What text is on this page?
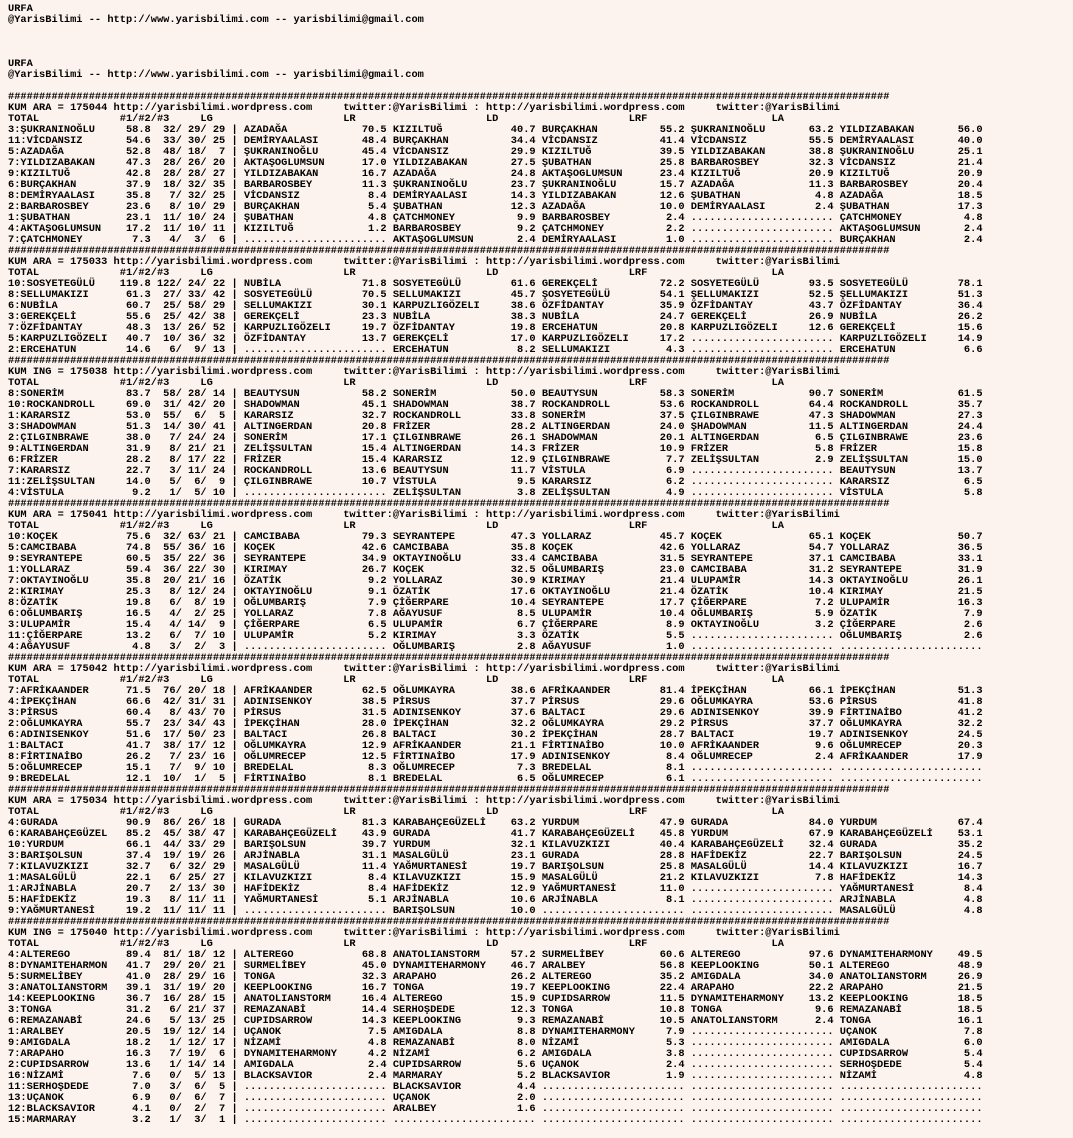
URFA
@YarisBilimi -- http://www.yarisbilimi.com -- yarisbilimi@gmail.com
URFA
@YarisBilimi -- http://www.yarisbilimi.com -- yarisbilimi@gmail.com
##############################################################################################################################################
KUM ARA = 175044 http://yarisbilimi.wordpress.com     twitter:@YarisBilimi : http://yarisbilimi.wordpress.com     twitter:@YarisBilimi
TOTAL             #1/#2/#3     LG                     LR                     LD                     LRF                    LA
3:ŞUKRANINOĞLU     58.8  32/ 29/ 29 | AZADAĞA            70.5 KIZILTUĞ           40.7 BURÇAKHAN          55.2 ŞUKRANINOĞLU       63.2 YILDIZABAKAN       56.0
11:VİCDANSIZ       54.6  33/ 30/ 25 | DEMİRYAALASI       48.4 BURÇAKHAN          34.4 VİCDANSIZ          41.4 VİCDANSIZ          55.5 DEMİRYAALASI       40.0
5:AZADAĞA          52.8  48/ 18/  7 | ŞUKRANINOĞLU       45.4 VİCDANSIZ          29.9 KIZILTUĞ           39.5 YILDIZABAKAN       38.8 ŞUKRANINOĞLU       25.1
7:YILDIZABAKAN     47.3  28/ 26/ 20 | AKTAŞOGLUMSUN      17.0 YILDIZABAKAN       27.5 ŞUBATHAN           25.8 BARBAROSBEY        32.3 VİCDANSIZ          21.4
9:KIZILTUĞ         42.8  28/ 28/ 27 | YILDIZABAKAN       16.7 AZADAĞA            24.8 AKTAŞOGLUMSUN      23.4 KIZILTUĞ           20.9 KIZILTUĞ           20.9
6:BURÇAKHAN        37.9  18/ 32/ 35 | BARBAROSBEY        11.3 ŞUKRANINOĞLU       23.7 ŞUKRANINOĞLU       15.7 AZADAĞA            11.3 BARBAROSBEY        20.4
8:DEMİRYAALASI     35.8   7/ 32/ 25 | VİCDANSIZ           8.4 DEMİRYAALASI       14.3 YILDIZABAKAN       12.6 ŞUBATHAN            4.8 AZADAĞA            18.5
2:BARBAROSBEY      23.6   8/ 10/ 29 | BURÇAKHAN           5.4 ŞUBATHAN           12.3 AZADAĞA            10.0 DEMİRYAALASI        2.4 ŞUBATHAN           17.3
1:ŞUBATHAN         23.1  11/ 10/ 24 | ŞUBATHAN            4.8 ÇATCHMONEY          9.9 BARBAROSBEY         2.4 ....................... ÇATCHMONEY          4.8
4:AKTAŞOGLUMSUN    17.2  11/ 10/ 11 | KIZILTUĞ            1.2 BARBAROSBEY         9.2 ÇATCHMONEY          2.2 ....................... AKTAŞOGLUMSUN       2.4
7:ÇATCHMONEY        7.3   4/  3/  6 | ....................... AKTAŞOGLUMSUN       2.4 DEMİRYAALASI        1.0 ....................... BURÇAKHAN           2.4
##############################################################################################################################################
KUM ARA = 175033 http://yarisbilimi.wordpress.com     twitter:@YarisBilimi : http://yarisbilimi.wordpress.com     twitter:@YarisBilimi
TOTAL             #1/#2/#3     LG                     LR                     LD                     LRF                    LA
10:SOSYETEGÜLÜ    119.8 122/ 24/ 22 | NUBİLA             71.8 SOSYETEGÜLÜ        61.6 GEREKÇELİ          72.2 SOSYETEGÜLÜ        93.5 SOSYETEGÜLÜ        78.1
8:SELLUMAKIZI      61.3  27/ 33/ 42 | SOSYETEGÜLÜ        70.5 SELLUMAKIZI        45.7 ŞOSYETEGÜLÜ        54.1 ŞELLUMAKIZI        52.5 ŞELLUMAKIZI        51.3
6:NUBİLA           60.7  25/ 58/ 29 | SELLUMAKIZI        30.1 KARPUZLIGÖZELI     38.6 ÖZFİDANTAY         35.9 ÖZFİDANTAY         43.7 ÖZFİDANTAY         36.4
3:GEREKÇELİ        55.6  25/ 42/ 38 | GEREKÇELİ          23.3 NUBİLA             38.3 NUBİLA             24.7 GEREKÇELİ          26.9 NUBİLA             26.2
7:ÖZFİDANTAY       48.3  13/ 26/ 52 | KARPUZLIGÖZELI     19.7 ÖZFİDANTAY         19.8 ERCEHATUN          20.8 KARPUZLIGÖZELI     12.6 GEREKÇELİ          15.6
5:KARPUZLIGÖZELI   40.7  10/ 36/ 32 | ÖZFİDANTAY         13.7 GEREKÇELİ          17.0 KARPUZLIGÖZELI     17.2 ....................... KARPUZLIGÖZELI     14.9
2:ERCEHATUN        14.6   6/  9/ 13 | ....................... ERCEHATUN           8.2 SELLUMAKIZI         4.3 ....................... ERCEHATUN           6.6
##############################################################################################################################################
KUM ING = 175038 http://yarisbilimi.wordpress.com     twitter:@YarisBilimi : http://yarisbilimi.wordpress.com     twitter:@YarisBilimi
TOTAL             #1/#2/#3     LG                     LR                     LD                     LRF                    LA
8:SONERİM          83.7  58/ 28/ 14 | BEAUTYSUN          58.2 SONERİM            50.0 BEAUTYSUN          58.3 SONERİM            90.7 SONERİM            61.5
10:ROCKANDROLL     69.0  31/ 42/ 20 | SHADOWMAN          45.1 SHADOWMAN          38.7 ROCKANDROLL        53.6 ROCKANDROLL        64.4 ROCKANDROLL        35.7
1:KARARSIZ         53.0  55/  6/  5 | KARARSIZ           32.7 ROCKANDROLL        33.8 SONERİM            37.5 ÇILGINBRAWE        47.3 SHADOWMAN          27.3
3:SHADOWMAN        51.3  14/ 30/ 41 | ALTINGERDAN        20.8 FRİZER             28.2 ALTINGERDAN        24.0 ŞHADOWMAN          11.5 ALTINGERDAN        24.4
2:ÇILGINBRAWE      38.0   7/ 24/ 24 | SONERİM            17.1 ÇILGINBRAWE        26.1 SHADOWMAN          20.1 ALTINGERDAN         6.5 ÇILGINBRAWE        23.6
9:ALTINGERDAN      31.9   8/ 21/ 21 | ZELİŞSULTAN        15.4 ALTINGERDAN        14.3 FRİZER             10.9 FRİZER              5.8 FRİZER             15.8
6:FRİZER           28.2   8/ 17/ 22 | FRİZER             15.4 KARARSIZ           12.9 ÇILGINBRAWE         7.7 ZELİŞSULTAN         2.9 ZELİŞSULTAN        15.0
7:KARARSIZ         22.7   3/ 11/ 24 | ROCKANDROLL        13.6 BEAUTYSUN          11.7 VİSTULA             6.9 ....................... BEAUTYSUN          13.7
11:ZELİŞSULTAN     14.0   5/  6/  9 | ÇILGINBRAWE        10.7 VİSTULA             9.5 KARARSIZ            6.2 ....................... KARARSIZ            6.5
4:VİSTULA           9.2   1/  5/ 10 | ....................... ZELİŞSULTAN         3.8 ZELİŞSULTAN         4.9 ....................... VİSTULA             5.8
##############################################################################################################################################
KUM ARA = 175041 http://yarisbilimi.wordpress.com     twitter:@YarisBilimi : http://yarisbilimi.wordpress.com     twitter:@YarisBilimi
TOTAL             #1/#2/#3     LG                     LR                     LD                     LRF                    LA
10:KOÇEK           75.6  32/ 63/ 21 | CAMCIBABA          79.3 SEYRANTEPE         47.3 YOLLARAZ           45.7 KOÇEK              65.1 KOÇEK              50.7
5:CAMCIBABA        74.8  55/ 36/ 16 | KOÇEK              42.6 CAMCIBABA          35.8 KOÇEK              42.6 YOLLARAZ           54.7 YOLLARAZ           36.5
9:SEYRANTEPE       60.5  35/ 22/ 36 | SEYRANTEPE         34.9 OKTAYINOĞLU        33.4 CAMCIBABA          31.5 SEYRANTEPE         37.1 CAMCIBABA          33.1
1:YOLLARAZ         59.4  36/ 22/ 30 | KIRIMAY            26.7 KOÇEK              32.5 OĞLUMBARIŞ         23.0 CAMCIBABA          31.2 SEYRANTEPE         31.9
7:OKTAYINOĞLU      35.8  20/ 21/ 16 | ÖZATİK              9.2 YOLLARAZ           30.9 KIRIMAY            21.4 ULUPAMİR           14.3 OKTAYINOĞLU        26.1
2:KIRIMAY          25.3   8/ 12/ 24 | OKTAYINOĞLU         9.1 ÖZATİK             17.6 OKTAYINOĞLU        21.4 ÖZATİK             10.4 KIRIMAY            21.5
8:ÖZATİK           19.8   6/  8/ 19 | OĞLUMBARIŞ          7.9 ÇİĞERPARE          10.4 SEYRANTEPE         17.7 ÇİĞERPARE           7.2 ULUPAMİR           16.3
6:OĞLUMBARIŞ       16.5   4/  2/ 25 | YOLLARAZ            7.8 AĞAYUSUF            8.5 ULUPAMİR           10.4 OĞLUMBARIŞ          5.9 ÖZATİK              7.9
3:ULUPAMİR         15.4   4/ 14/  9 | ÇİĞERPARE           6.5 ULUPAMİR            6.7 ÇİĞERPARE           8.9 OKTAYINOĞLU         3.2 ÇİĞERPARE           2.6
11:ÇİĞERPARE       13.2   6/  7/ 10 | ULUPAMİR            5.2 KIRIMAY             3.3 ÖZATİK              5.5 ....................... OĞLUMBARIŞ          2.6
4:AĞAYUSUF          4.8   3/  2/  3 | ....................... OĞLUMBARIŞ          2.8 AĞAYUSUF            1.0 ....................... .......................
##############################################################################################################################################
KUM ARA = 175042 http://yarisbilimi.wordpress.com     twitter:@YarisBilimi : http://yarisbilimi.wordpress.com     twitter:@YarisBilimi
TOTAL             #1/#2/#3     LG                     LR                     LD                     LRF                    LA
7:AFRİKAANDER      71.5  76/ 20/ 18 | AFRİKAANDER        62.5 OĞLUMKAYRA         38.6 AFRİKAANDER        81.4 İPEKÇİHAN          66.1 İPEKÇİHAN          51.3
4:İPEKÇİHAN        66.6  42/ 31/ 31 | ADINISENKOY        38.5 PİRSUS             37.7 PİRSUS             29.6 OĞLUMKAYRA         53.6 PİRSUS             41.8
3:PİRSUS           60.4   8/ 43/ 70 | PİRSUS             31.5 ADINISENKOY        37.6 BALTACI            29.6 ADINISENKOY        39.9 FİRTINAİBO         41.2
2:OĞLUMKAYRA       55.7  23/ 34/ 43 | İPEKÇİHAN          28.0 İPEKÇİHAN          32.2 OĞLUMKAYRA         29.2 PİRSUS             37.7 OĞLUMKAYRA         32.2
6:ADINISENKOY      51.6  17/ 50/ 23 | BALTACI            26.8 BALTACI            30.2 İPEKÇİHAN          28.7 BALTACI            19.7 ADINISENKOY        24.5
1:BALTACI          41.7  38/ 17/ 12 | OĞLUMKAYRA         12.9 AFRİKAANDER        21.1 FİRTINAİBO         10.0 AFRİKAANDER         9.6 OĞLUMRECEP         20.3
8:FİRTINAİBO       26.2   7/ 23/ 16 | OĞLUMRECEP         12.5 FİRTINAİBO         17.9 ADINISENKOY         8.4 OĞLUMRECEP          2.4 AFRİKAANDER        17.9
5:OĞLUMRECEP       15.1   7/  9/ 10 | BREDELAL            8.3 OĞLUMRECEP          7.3 BREDELAL            8.1 ....................... .......................
9:BREDELAL         12.1  10/  1/  5 | FİRTINAİBO          8.1 BREDELAL            6.5 OĞLUMRECEP          6.1 ....................... .......................
##############################################################################################################################################
KUM ARA = 175034 http://yarisbilimi.wordpress.com     twitter:@YarisBilimi : http://yarisbilimi.wordpress.com     twitter:@YarisBilimi
TOTAL             #1/#2/#3     LG                     LR                     LD                     LRF                    LA
4:GURADA           90.9  86/ 26/ 18 | GURADA             81.3 KARABAHÇEGÜZELİ    63.2 YURDUM             47.9 GURADA             84.0 YURDUM             67.4
6:KARABAHÇEGÜZEL   85.2  45/ 38/ 47 | KARABAHÇEGÜZELİ    43.9 GURADA             41.7 KARABAHÇEGÜZELİ    45.8 YURDUM             67.9 KARABAHÇEGÜZELİ    53.1
10:YURDUM          66.1  44/ 33/ 29 | BARIŞOLSUN         39.7 YURDUM             32.1 KILAVUZKIZI        40.4 KARABAHÇEGÜZELİ    32.4 GURADA             35.2
3:BARIŞOLSUN       37.4  19/ 19/ 26 | ARJİNABLA          31.1 MASALGÜLÜ          23.1 GURADA             28.8 HAFİDEKİZ          22.7 BARIŞOLSUN         24.5
7:KILAVUZKIZI      32.7   6/ 32/ 29 | MASALGÜLÜ          11.4 YAĞMURTANESİ       19.7 BARIŞOLSUN         25.8 MASALGÜLÜ          14.4 KILAVUZKIZI        16.7
1:MASALGÜLÜ        22.1   6/ 25/ 27 | KILAVUZKIZI         8.4 KILAVUZKIZI        15.9 MASALGÜLÜ          21.2 KILAVUZKIZI         7.8 HAFİDEKİZ          14.3
1:ARJİNABLA        20.7   2/ 13/ 30 | HAFİDEKİZ           8.4 HAFİDEKİZ          12.9 YAĞMURTANESİ       11.0 ....................... YAĞMURTANESİ        8.4
5:HAFİDEKİZ        19.3   8/ 11/ 11 | YAĞMURTANESİ        5.1 ARJİNABLA          10.6 ARJİNABLA           8.1 ....................... ARJİNABLA           4.8
9:YAĞMURTANESİ     19.2  11/ 11/ 11 | ....................... BARIŞOLSUN         10.0 ....................... ....................... MASALGÜLÜ           4.8
##############################################################################################################################################
KUM ING = 175040 http://yarisbilimi.wordpress.com     twitter:@YarisBilimi : http://yarisbilimi.wordpress.com     twitter:@YarisBilimi
TOTAL             #1/#2/#3     LG                     LR                     LD                     LRF                    LA
4:ALTEREGO         89.4  81/ 18/ 12 | ALTEREGO           68.8 ANATOLIANSTORM     57.2 SURMELİBEY         60.6 ALTEREGO           97.6 DYNAMITEHARMONY    49.5
8:DYNAMITEHARMON   41.7  29/ 20/ 21 | SURMELİBEY         45.0 DYNAMITEHARMONY    46.7 ARALBEY            56.8 KEEPLOOKING        50.1 ALTEREGO           48.9
5:SURMELİBEY       41.0  28/ 29/ 16 | TONGA              32.3 ARAPAHO            26.2 ALTEREGO           35.2 AMIGDALA           34.0 ANATOLIANSTORM     26.9
3:ANATOLIANSTORM   39.1  31/ 19/ 20 | KEEPLOOKING        16.7 TONGA              19.7 KEEPLOOKING        22.4 ARAPAHO            22.2 ARAPAHO            21.5
14:KEEPLOOKING     36.7  16/ 28/ 15 | ANATOLIANSTORM     16.4 ALTEREGO           15.9 CUPIDSARROW        11.5 DYNAMITEHARMONY    13.2 KEEPLOOKING        18.5
3:TONGA            31.2   6/ 21/ 37 | REMAZANABİ         14.4 SERHOŞDEDE         12.3 TONGA              10.8 TONGA               9.6 REMAZANABİ         18.5
6:REMAZANABİ       24.6   5/ 13/ 25 | CUPIDSARROW        14.3 KEEPLOOKING         9.3 REMAZANABİ         10.5 ANATOLIANSTORM      2.4 TONGA              16.1
1:ARALBEY          20.5  19/ 12/ 14 | UÇANOK              7.5 AMIGDALA            8.8 DYNAMITEHARMONY     7.9 ....................... UÇANOK              7.8
9:AMIGDALA         18.2   1/ 12/ 17 | NİZAMİ              4.8 REMAZANABİ          8.0 NİZAMİ              5.3 ....................... AMIGDALA            6.0
7:ARAPAHO          16.3   7/ 19/  6 | DYNAMITEHARMONY     4.2 NİZAMİ              6.2 AMIGDALA            3.8 ....................... CUPIDSARROW         5.4
2:CUPIDSARROW      13.6   1/ 14/ 14 | AMIGDALA            2.4 CUPIDSARROW         5.6 UÇANOK              2.4 ....................... SERHOŞDEDE          5.4
16:NİZAMİ           7.6   0/  5/ 13 | BLACKSAVIOR         2.4 MARMARAY            5.2 BLACKSAVIOR         1.9 ....................... NİZAMİ              4.8
11:SERHOŞDEDE       7.0   3/  6/  5 | ....................... BLACKSAVIOR         4.4 ....................... ....................... .......................
13:UÇANOK           6.9   0/  6/  7 | ....................... UÇANOK              2.0 ....................... ....................... .......................
12:BLACKSAVIOR      4.1   0/  2/  7 | ....................... ARALBEY             1.6 ....................... ....................... .......................
15:MARMARAY         3.2   1/  3/  1 | ....................... ....................... ....................... ....................... .......................
